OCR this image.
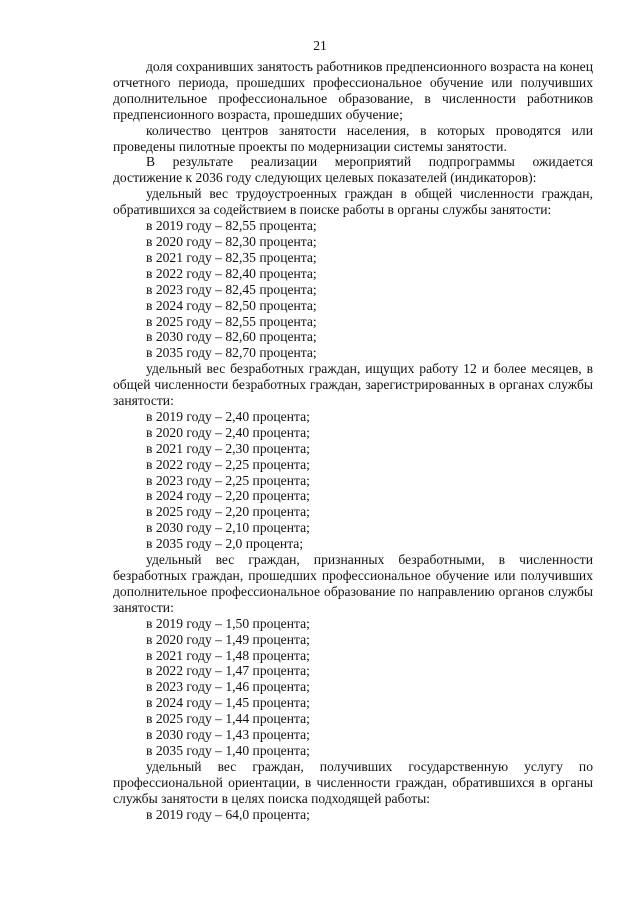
21

доля сохранивших занятость работников предпенсионного возраста на конец отчетного периода, прошедших профессиональное обучение или получивших дополнительное профессиональное образование, в численности работников предпенсионного возраста, прошедших обучение;

количество центров занятости населения, в которых проводятся или проведены пилотные проекты по модернизации системы занятости.

В результате реализации мероприятий подпрограммы ожидается достижение к 2036 году следующих целевых показателей (индикаторов):

удельный вес трудоустроенных граждан в общей численности граждан, обратившихся за содействием в поиске работы в органы службы занятости:

в 2019 году – 82,55 процента;
в 2020 году – 82,30 процента;
в 2021 году – 82,35 процента;
в 2022 году – 82,40 процента;
в 2023 году – 82,45 процента;
в 2024 году – 82,50 процента;
в 2025 году – 82,55 процента;
в 2030 году – 82,60 процента;
в 2035 году – 82,70 процента;

удельный вес безработных граждан, ищущих работу 12 и более месяцев, в общей численности безработных граждан, зарегистрированных в органах службы занятости:

в 2019 году – 2,40 процента;
в 2020 году – 2,40 процента;
в 2021 году – 2,30 процента;
в 2022 году – 2,25 процента;
в 2023 году – 2,25 процента;
в 2024 году – 2,20 процента;
в 2025 году – 2,20 процента;
в 2030 году – 2,10 процента;
в 2035 году – 2,0 процента;

удельный вес граждан, признанных безработными, в численности безработных граждан, прошедших профессиональное обучение или получивших дополнительное профессиональное образование по направлению органов службы занятости:

в 2019 году – 1,50 процента;
в 2020 году – 1,49 процента;
в 2021 году – 1,48 процента;
в 2022 году – 1,47 процента;
в 2023 году – 1,46 процента;
в 2024 году – 1,45 процента;
в 2025 году – 1,44 процента;
в 2030 году – 1,43 процента;
в 2035 году – 1,40 процента;

удельный вес граждан, получивших государственную услугу по профессиональной ориентации, в численности граждан, обратившихся в органы службы занятости в целях поиска подходящей работы:

в 2019 году – 64,0 процента;
